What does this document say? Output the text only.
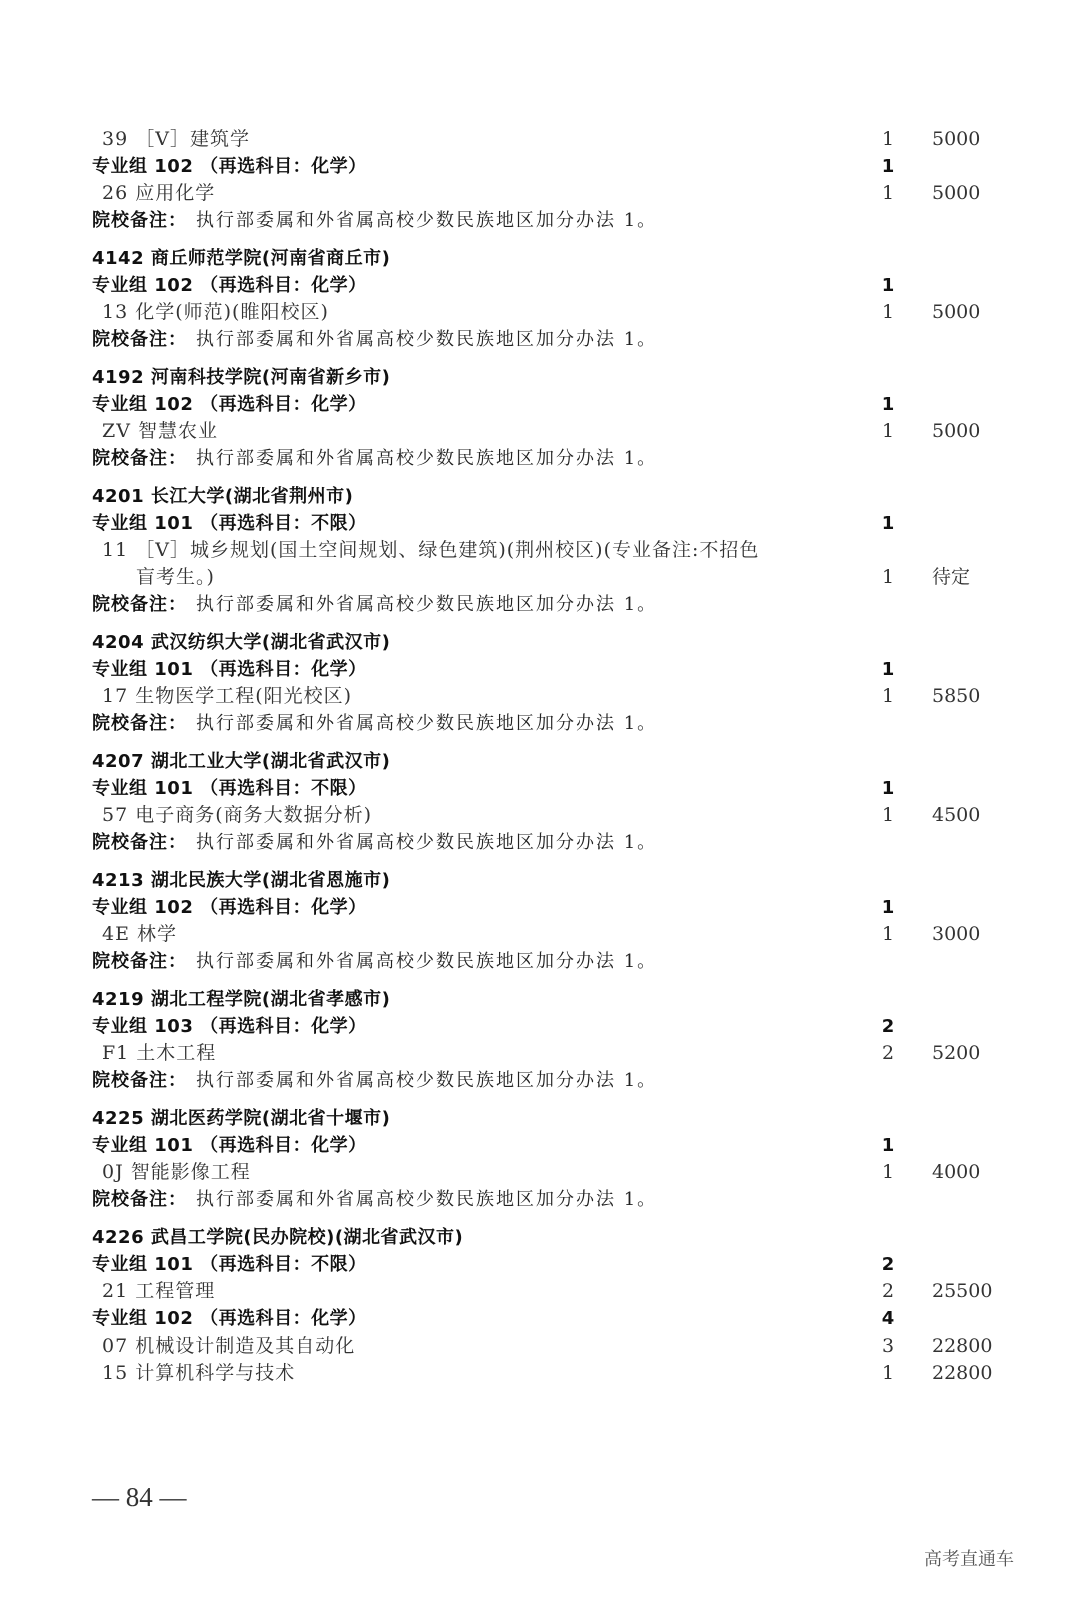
39 ［V］建筑学	1 5000
专业组 102 （再选科目：化学）	1
26 应用化学	1 5000
院校备注： 执行部委属和外省属高校少数民族地区加分办法 1。
4142 商丘师范学院(河南省商丘市)
专业组 102 （再选科目：化学）	1
13 化学(师范)(睢阳校区)	1 5000
院校备注： 执行部委属和外省属高校少数民族地区加分办法 1。
4192 河南科技学院(河南省新乡市)
专业组 102 （再选科目：化学）	1
ZV 智慧农业	1 5000
院校备注： 执行部委属和外省属高校少数民族地区加分办法 1。
4201 长江大学(湖北省荆州市)
专业组 101 （再选科目：不限）	1
11 ［V］城乡规划(国土空间规划、绿色建筑)(荆州校区)(专业备注:不招色
盲考生。)	1 待定
院校备注： 执行部委属和外省属高校少数民族地区加分办法 1。
4204 武汉纺织大学(湖北省武汉市)
专业组 101 （再选科目：化学）	1
17 生物医学工程(阳光校区)	1 5850
院校备注： 执行部委属和外省属高校少数民族地区加分办法 1。
4207 湖北工业大学(湖北省武汉市)
专业组 101 （再选科目：不限）	1
57 电子商务(商务大数据分析)	1 4500
院校备注： 执行部委属和外省属高校少数民族地区加分办法 1。
4213 湖北民族大学(湖北省恩施市)
专业组 102 （再选科目：化学）	1
4E 林学	1 3000
院校备注： 执行部委属和外省属高校少数民族地区加分办法 1。
4219 湖北工程学院(湖北省孝感市)
专业组 103 （再选科目：化学）	2
F1 土木工程	2 5200
院校备注： 执行部委属和外省属高校少数民族地区加分办法 1。
4225 湖北医药学院(湖北省十堰市)
专业组 101 （再选科目：化学）	1
0J 智能影像工程	1 4000
院校备注： 执行部委属和外省属高校少数民族地区加分办法 1。
4226 武昌工学院(民办院校)(湖北省武汉市)
专业组 101 （再选科目：不限）	2
21 工程管理	2 25500
专业组 102 （再选科目：化学）	4
07 机械设计制造及其自动化	3 22800
15 计算机科学与技术	1 22800
— 84 —
高考直通车
